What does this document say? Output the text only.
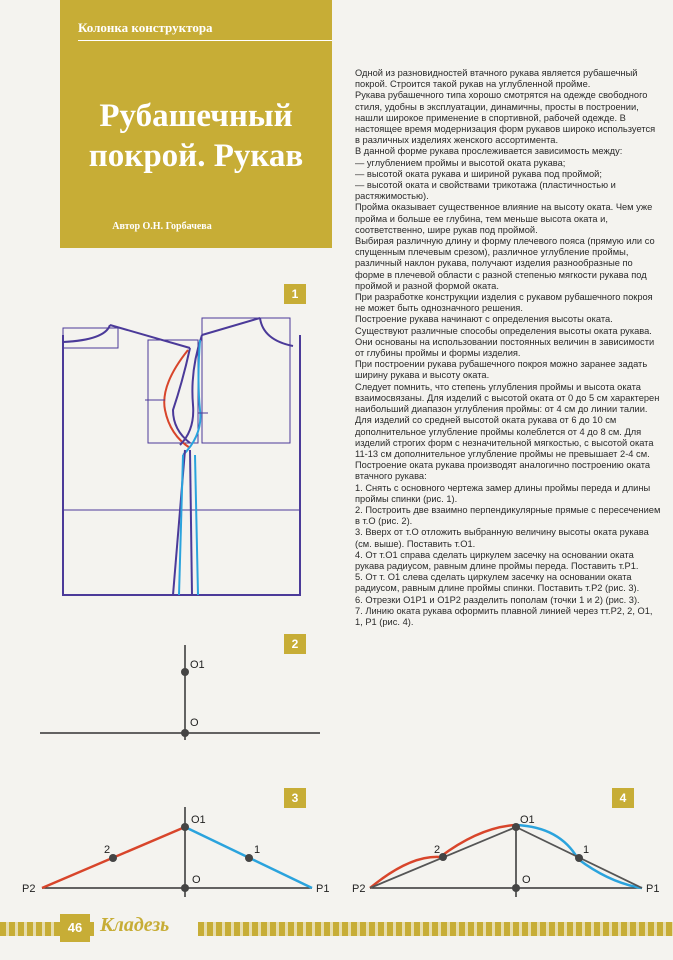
Колонка конструктора
Рубашечный
покрой. Рукав
Автор О.Н. Горбачева

Одной из разновидностей втачного рукава является рубашечный покрой. Строится такой рукав на углубленной пройме.

Рукава рубашечного типа хорошо смотрятся на одежде свободного стиля, удобны в эксплуатации, динамичны, просты в построении, нашли широкое применение в спортивной, рабочей одежде. В настоящее время модернизация форм рукавов широко используется в различных изделиях женского ассортимента.

В данной форме рукава прослеживается зависимость между:

— углублением проймы и высотой оката рукава;

— высотой оката рукава и шириной рукава под проймой;

— высотой оката и свойствами трикотажа (пластичностью и растяжимостью).

Пройма оказывает существенное влияние на высоту оката. Чем уже пройма и больше ее глубина, тем меньше высота оката и, соответственно, шире рукав под проймой.

Выбирая различную длину и форму плечевого пояса (прямую или со спущенным плечевым срезом), различное углубление проймы, различный наклон рукава, получают изделия разнообразные по форме в плечевой области с разной степенью мягкости рукава под проймой и разной формой оката.

При разработке конструкции изделия с рукавом рубашечного покроя не может быть однозначного решения.

Построение рукава начинают с определения высоты оката. Существуют различные способы определения высоты оката рукава. Они основаны на использовании постоянных величин в зависимости от глубины проймы и формы изделия.

При построении рукава рубашечного покроя можно заранее задать ширину рукава и высоту оката.

Следует помнить, что степень углубления проймы и высота оката взаимосвязаны. Для изделий с высотой оката от 0 до 5 см характерен наибольший диапазон углубления проймы: от 4 см до линии талии. Для изделий со средней высотой оката рукава от 6 до 10 см дополнительное углубление проймы колеблется от 4 до 8 см. Для изделий строгих форм с незначительной мягкостью, с высотой оката 11-13 см дополнительное углубление проймы не превышает 2-4 см.

Построение оката рукава производят аналогично построению оката втачного рукава:

1. Снять с основного чертежа замер длины проймы переда и длины проймы спинки (рис. 1).

2. Построить две взаимно перпендикулярные прямые с пересечением в т.О (рис. 2).

3. Вверх от т.О отложить выбранную величину высоты оката рукава (см. выше). Поставить т.О1.

4. От т.О1 справа сделать циркулем засечку на основании оката рукава радиусом, равным длине проймы переда. Поставить т.Р1.

5. От т. О1 слева сделать циркулем засечку на основании оката радиусом, равным длине проймы спинки. Поставить т.Р2 (рис. 3).

6. Отрезки О1Р1 и О1Р2 разделить пополам (точки 1 и 2) (рис. 3).

7. Линию оката рукава оформить плавной линией через тт.Р2, 2, О1, 1, Р1 (рис. 4).

1
2
3	4
O1
O
O1
O
P2	P1
2	1
O1
O
P2	P1
2	1
46 Кладезь
